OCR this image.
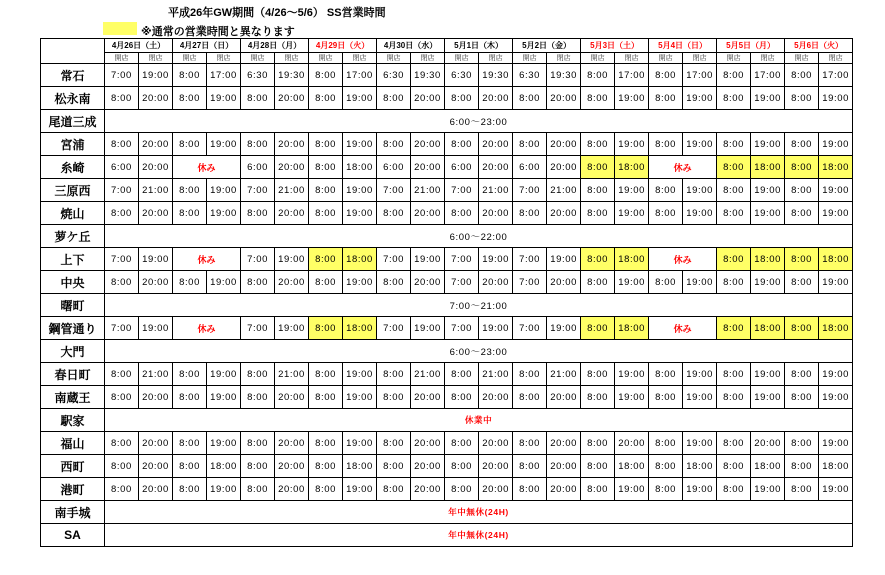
平成26年GW期間（4/26～5/6） SS営業時間
※通常の営業時間と異なります
	4月26日（土）		4月27日（日）		4月28日（月）		4月29日（火）		4月30日（水）		5月1日（木）		5月2日（金）		5月3日（土）		5月4日（日）		5月5日（月）		5月6日（火）	
	開店	閉店	開店	閉店	開店	閉店	開店	閉店	開店	閉店	開店	閉店	開店	閉店	開店	閉店	開店	閉店	開店	閉店	開店	閉店
常石	7:00	19:00	8:00	17:00	6:30	19:30	8:00	17:00	6:30	19:30	6:30	19:30	6:30	19:30	8:00	17:00	8:00	17:00	8:00	17:00	8:00	17:00
松永南	8:00	20:00	8:00	19:00	8:00	20:00	8:00	19:00	8:00	20:00	8:00	20:00	8:00	20:00	8:00	19:00	8:00	19:00	8:00	19:00	8:00	19:00
尾道三成	6:00～23:00																					
宮浦	8:00	20:00	8:00	19:00	8:00	20:00	8:00	19:00	8:00	20:00	8:00	20:00	8:00	20:00	8:00	19:00	8:00	19:00	8:00	19:00	8:00	19:00
糸崎	6:00	20:00	休み		6:00	20:00	8:00	18:00	6:00	20:00	6:00	20:00	6:00	20:00	8:00	18:00	休み		8:00	18:00	8:00	18:00
三原西	7:00	21:00	8:00	19:00	7:00	21:00	8:00	19:00	7:00	21:00	7:00	21:00	7:00	21:00	8:00	19:00	8:00	19:00	8:00	19:00	8:00	19:00
焼山	8:00	20:00	8:00	19:00	8:00	20:00	8:00	19:00	8:00	20:00	8:00	20:00	8:00	20:00	8:00	19:00	8:00	19:00	8:00	19:00	8:00	19:00
萝ケ丘	6:00～22:00																					
上下	7:00	19:00	休み		7:00	19:00	8:00	18:00	7:00	19:00	7:00	19:00	7:00	19:00	8:00	18:00	休み		8:00	18:00	8:00	18:00
中央	8:00	20:00	8:00	19:00	8:00	20:00	8:00	19:00	8:00	20:00	7:00	20:00	7:00	20:00	8:00	19:00	8:00	19:00	8:00	19:00	8:00	19:00
曙町	7:00～21:00																					
鋼管通り	7:00	19:00	休み		7:00	19:00	8:00	18:00	7:00	19:00	7:00	19:00	7:00	19:00	8:00	18:00	休み		8:00	18:00	8:00	18:00
大門	6:00～23:00																					
春日町	8:00	21:00	8:00	19:00	8:00	21:00	8:00	19:00	8:00	21:00	8:00	21:00	8:00	21:00	8:00	19:00	8:00	19:00	8:00	19:00	8:00	19:00
南蔵王	8:00	20:00	8:00	19:00	8:00	20:00	8:00	19:00	8:00	20:00	8:00	20:00	8:00	20:00	8:00	19:00	8:00	19:00	8:00	19:00	8:00	19:00
駅家	休業中																					
福山	8:00	20:00	8:00	19:00	8:00	20:00	8:00	19:00	8:00	20:00	8:00	20:00	8:00	20:00	8:00	20:00	8:00	19:00	8:00	20:00	8:00	19:00
西町	8:00	20:00	8:00	18:00	8:00	20:00	8:00	18:00	8:00	20:00	8:00	20:00	8:00	20:00	8:00	18:00	8:00	18:00	8:00	18:00	8:00	18:00
港町	8:00	20:00	8:00	19:00	8:00	20:00	8:00	19:00	8:00	20:00	8:00	20:00	8:00	20:00	8:00	19:00	8:00	19:00	8:00	19:00	8:00	19:00
南手城	年中無休(24H)																					
SA	年中無休(24H)																					
